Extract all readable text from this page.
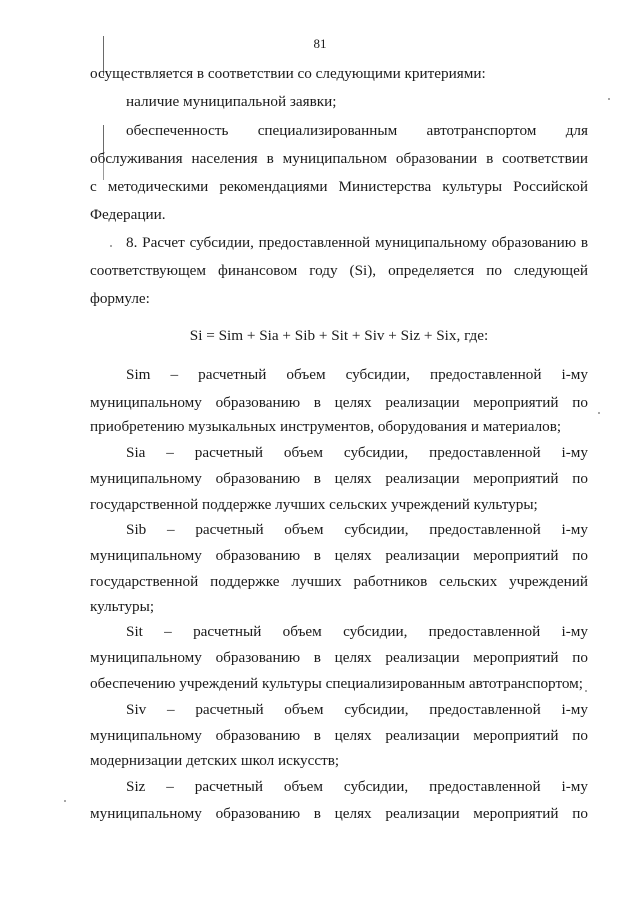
81
осуществляется в соответствии со следующими критериями:
наличие муниципальной заявки;
обеспеченность специализированным автотранспортом для
обслуживания населения в муниципальном образовании в соответствии
с методическими рекомендациями Министерства культуры Российской
Федерации.
8. Расчет субсидии, предоставленной муниципальному образованию в
соответствующем финансовом году (Si), определяется по следующей
формуле:
Si = Sim + Sia + Sib + Sit + Siv + Siz + Six, где:
Sim – расчетный объем субсидии, предоставленной i-му
муниципальному образованию в целях реализации мероприятий по
приобретению музыкальных инструментов, оборудования и материалов;
Sia – расчетный объем субсидии, предоставленной i-му
муниципальному образованию в целях реализации мероприятий по
государственной поддержке лучших сельских учреждений культуры;
Sib – расчетный объем субсидии, предоставленной i-му
муниципальному образованию в целях реализации мероприятий по
государственной поддержке лучших работников сельских учреждений
культуры;
Sit – расчетный объем субсидии, предоставленной i-му
муниципальному образованию в целях реализации мероприятий по
обеспечению учреждений культуры специализированным автотранспортом;
Siv – расчетный объем субсидии, предоставленной i-му
муниципальному образованию в целях реализации мероприятий по
модернизации детских школ искусств;
Siz – расчетный объем субсидии, предоставленной i-му
муниципальному образованию в целях реализации мероприятий по
